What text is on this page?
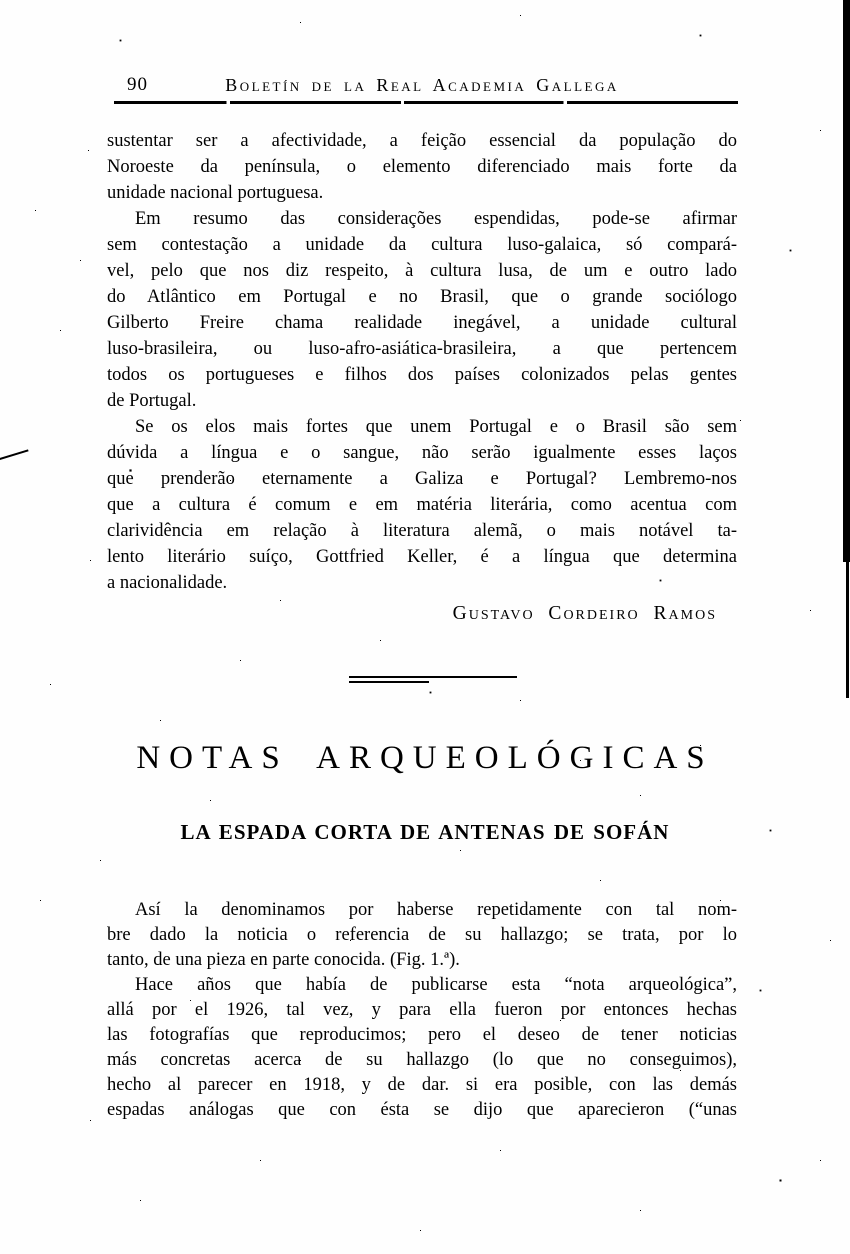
90	Boletín de la Real Academia Gallega
sustentar ser a afectividade, a feição essencial da população do
Noroeste da península, o elemento diferenciado mais forte da
unidade nacional portuguesa.
Em resumo das considerações espendidas, pode-se afirmar
sem contestação a unidade da cultura luso-galaica, só compará-
vel, pelo que nos diz respeito, à cultura lusa, de um e outro lado
do Atlântico em Portugal e no Brasil, que o grande sociólogo
Gilberto Freire chama realidade inegável, a unidade cultural
luso-brasileira, ou luso-afro-asiática-brasileira, a que pertencem
todos os portugueses e filhos dos países colonizados pelas gentes
de Portugal.
Se os elos mais fortes que unem Portugal e o Brasil são sem
dúvida a língua e o sangue, não serão igualmente esses laços
que prenderão eternamente a Galiza e Portugal? Lembremo-nos
que a cultura é comum e em matéria literária, como acentua com
clarividência em relação à literatura alemã, o mais notável ta-
lento literário suíço, Gottfried Keller, é a língua que determina
a nacionalidade.
Gustavo Cordeiro Ramos
NOTAS ARQUEOLÓGICAS
LA ESPADA CORTA DE ANTENAS DE SOFÁN
Así la denominamos por haberse repetidamente con tal nom-
bre dado la noticia o referencia de su hallazgo; se trata, por lo
tanto, de una pieza en parte conocida. (Fig. 1.ª).
Hace años que había de publicarse esta “nota arqueológica”,
allá por el 1926, tal vez, y para ella fueron por entonces hechas
las fotografías que reproducimos; pero el deseo de tener noticias
más concretas acerca de su hallazgo (lo que no conseguimos),
hecho al parecer en 1918, y de dar. si era posible, con las demás
espadas análogas que con ésta se dijo que aparecieron (“unas
